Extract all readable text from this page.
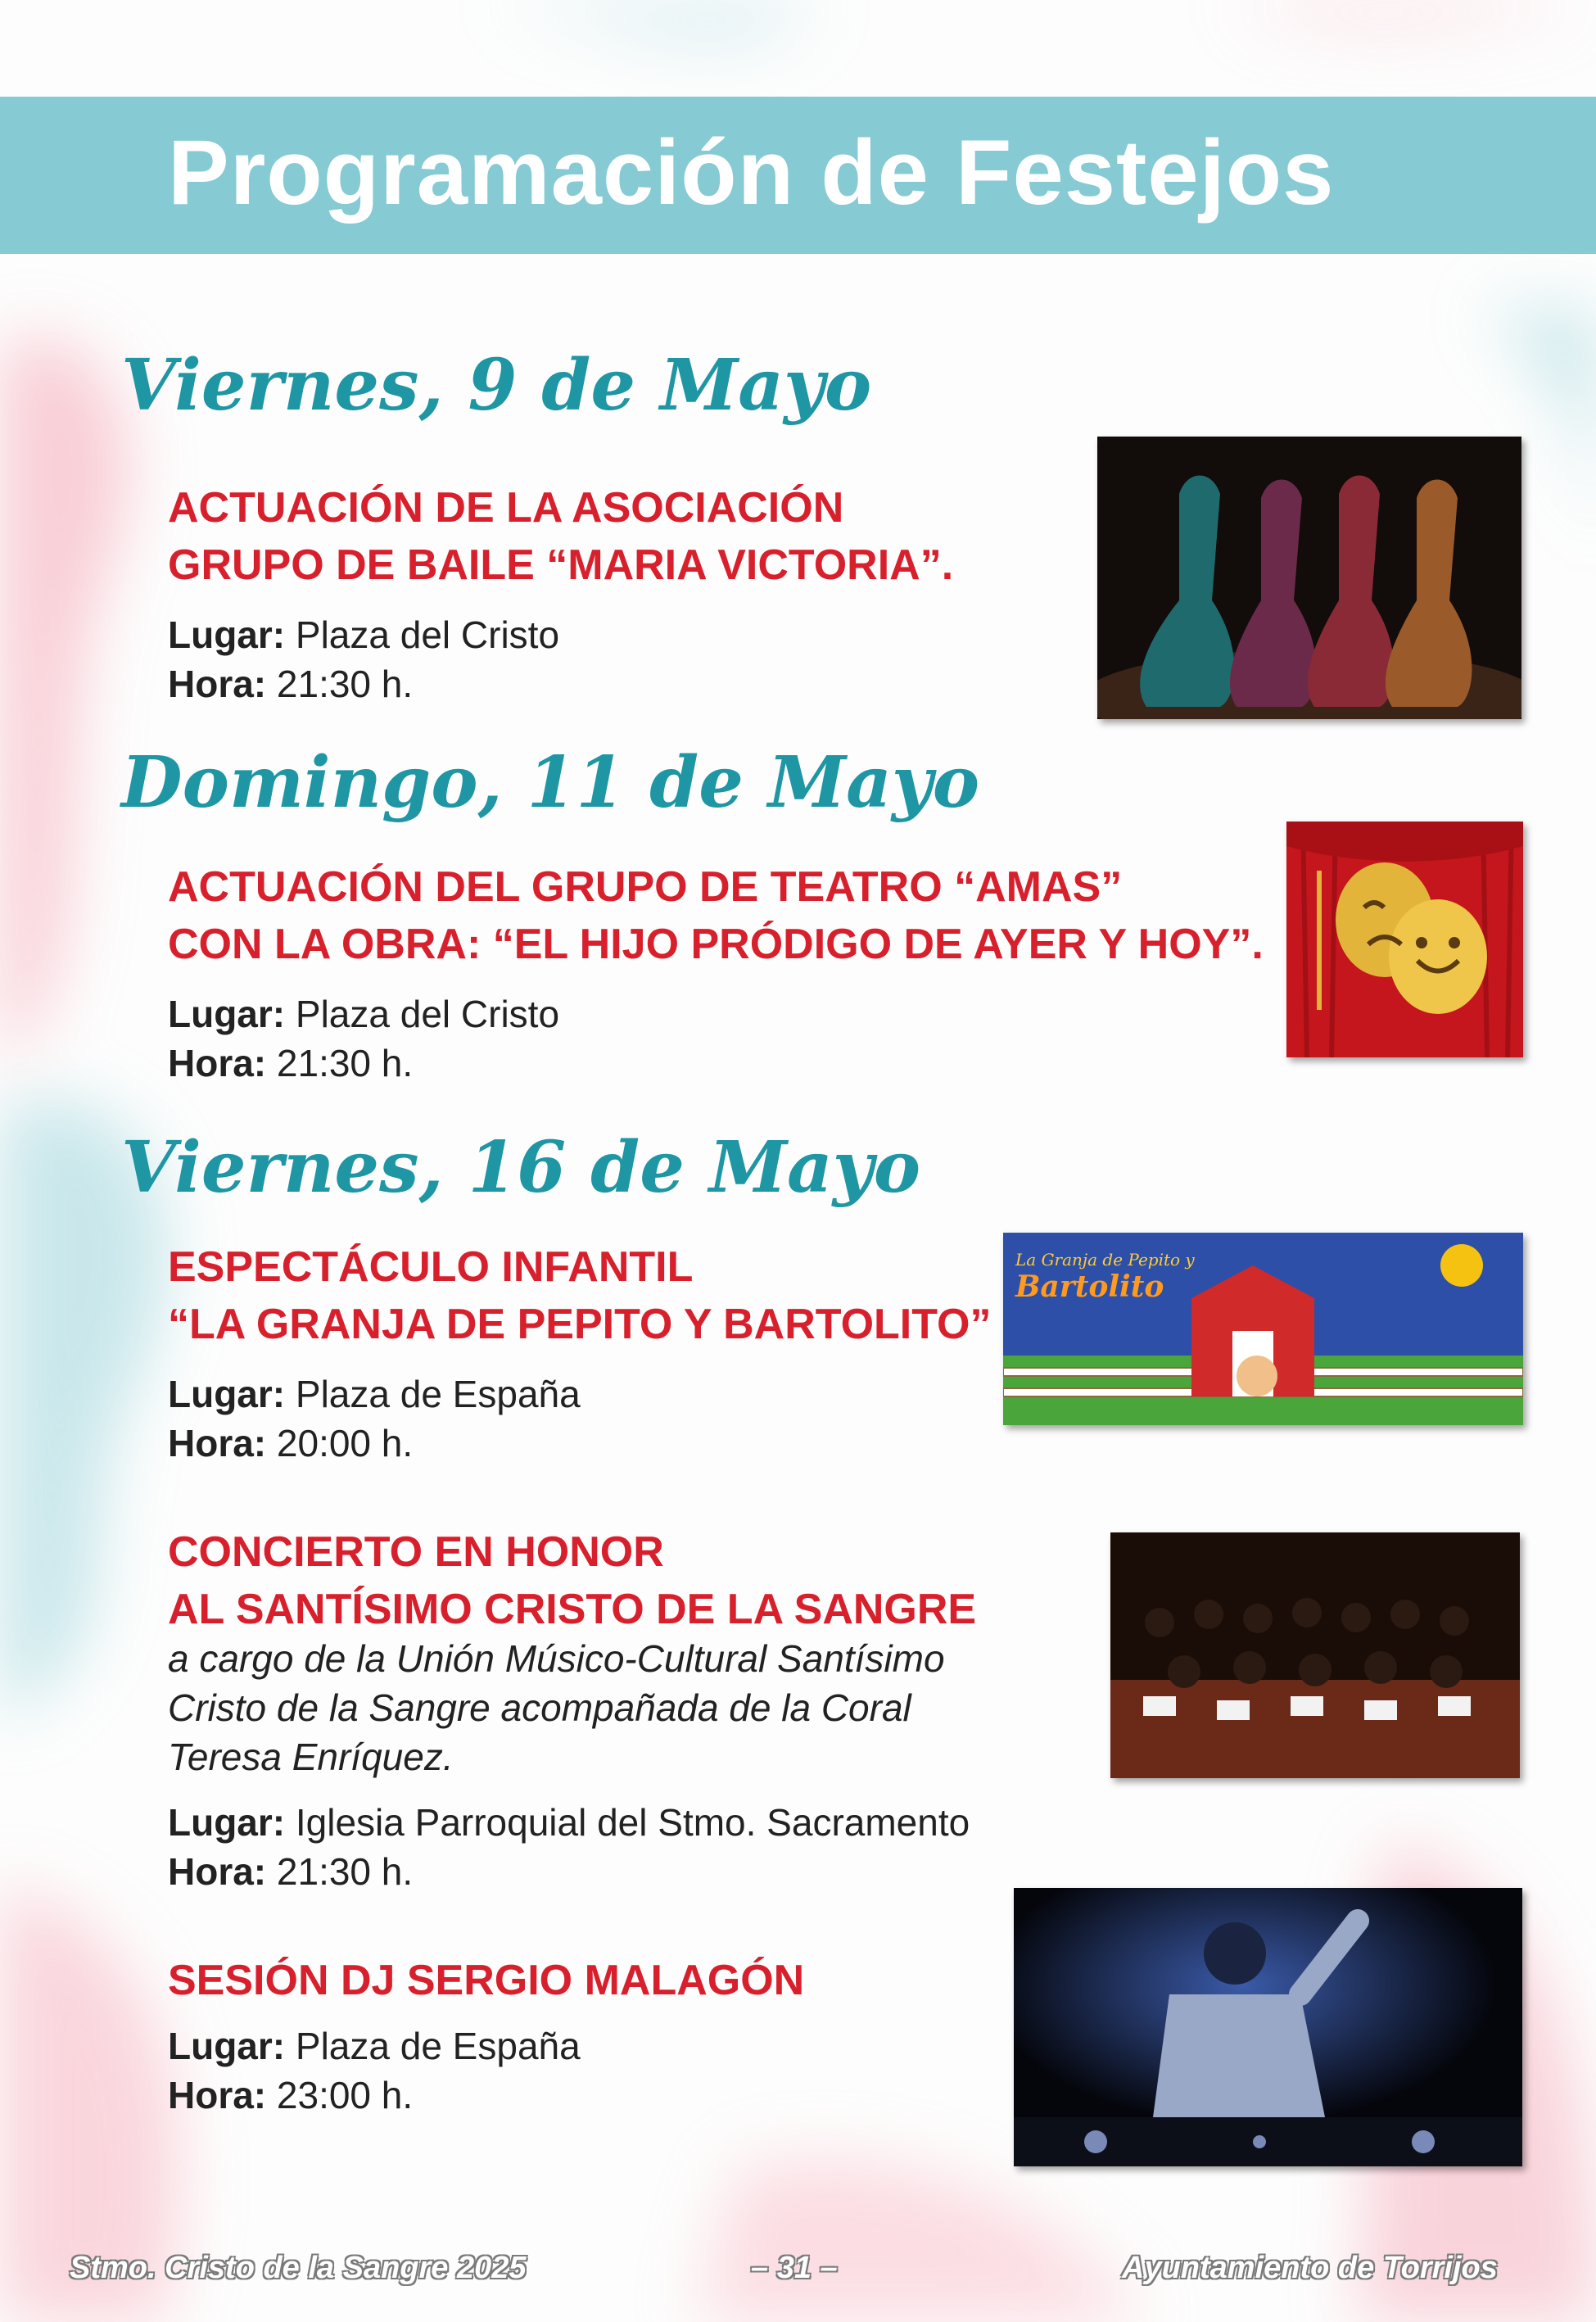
Programación de Festejos
Viernes, 9 de Mayo
ACTUACIÓN DE LA ASOCIACIÓN
GRUPO DE BAILE “MARIA VICTORIA”.
Lugar: Plaza del Cristo
Hora: 21:30 h.
Domingo, 11 de Mayo
ACTUACIÓN DEL GRUPO DE TEATRO “AMAS”
CON LA OBRA: “EL HIJO PRÓDIGO DE AYER Y HOY”.
Lugar: Plaza del Cristo
Hora: 21:30 h.
Viernes, 16 de Mayo
ESPECTÁCULO INFANTIL
“LA GRANJA DE PEPITO Y BARTOLITO”
Lugar: Plaza de España
Hora: 20:00 h.
La Granja de Pepito y
Bartolito
CONCIERTO EN HONOR
AL SANTÍSIMO CRISTO DE LA SANGRE
a cargo de la Unión Músico-Cultural Santísimo
Cristo de la Sangre acompañada de la Coral
Teresa Enríquez.
Lugar: Iglesia Parroquial del Stmo. Sacramento
Hora: 21:30 h.
SESIÓN DJ SERGIO MALAGÓN
Lugar: Plaza de España
Hora: 23:00 h.
Stmo. Cristo de la Sangre 2025	– 31 –	Ayuntamiento de Torrijos
